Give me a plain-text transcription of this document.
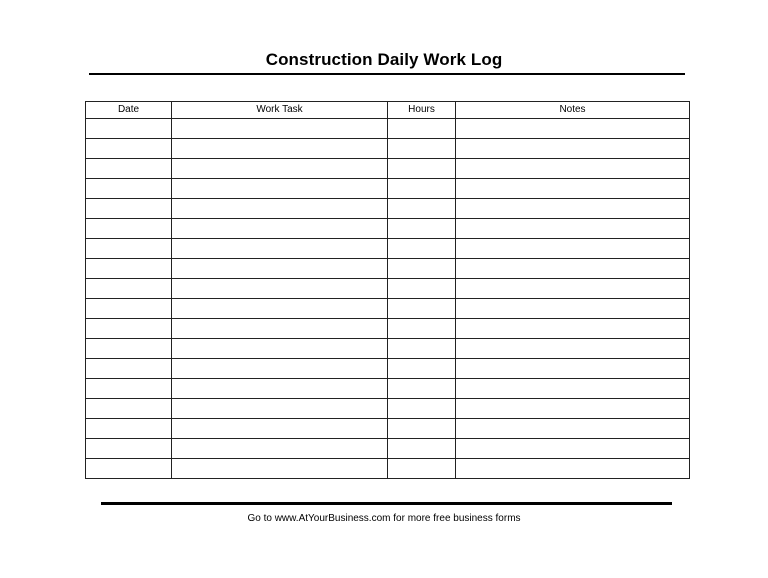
Construction Daily Work Log
Date	Work Task	Hours	Notes

Go to www.AtYourBusiness.com for more free business forms
